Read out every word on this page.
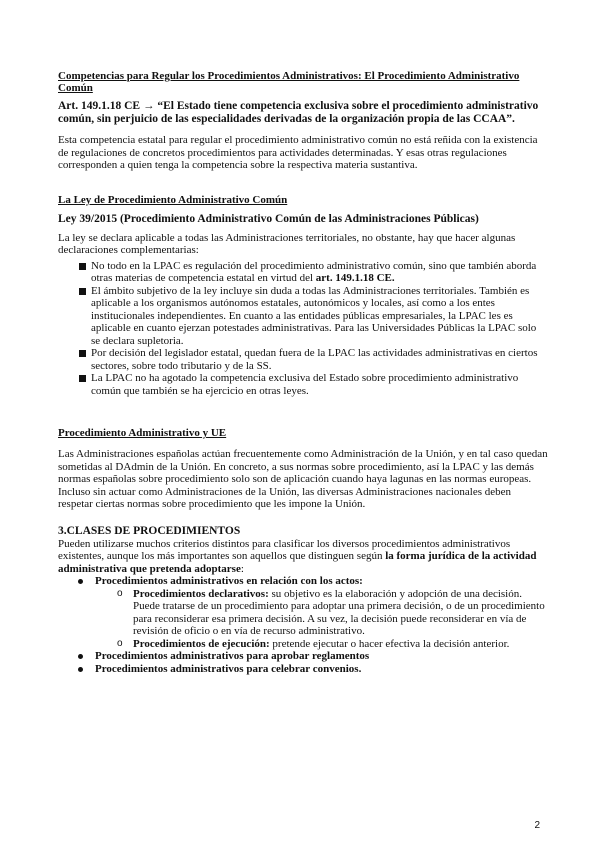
Competencias para Regular los Procedimientos Administrativos: El Procedimiento Administrativo Común
Art. 149.1.18 CE → “El Estado tiene competencia exclusiva sobre el procedimiento administrativo común, sin perjuicio de las especialidades derivadas de la organización propia de las CCAA”.

Esta competencia estatal para regular el procedimiento administrativo común no está reñida con la existencia de regulaciones de concretos procedimientos para actividades determinadas. Y esas otras regulaciones corresponden a quien tenga la competencia sobre la respectiva materia sustantiva.

La Ley de Procedimiento Administrativo Común
Ley 39/2015 (Procedimiento Administrativo Común de las Administraciones Públicas)

La ley se declara aplicable a todas las Administraciones territoriales, no obstante, hay que hacer algunas declaraciones complementarias:

No todo en la LPAC es regulación del procedimiento administrativo común, sino que también aborda otras materias de competencia estatal en virtud del art. 149.1.18 CE.
El ámbito subjetivo de la ley incluye sin duda a todas las Administraciones territoriales. También es aplicable a los organismos autónomos estatales, autonómicos y locales, así como a los entes institucionales independientes. En cuanto a las entidades públicas empresariales, la LPAC les es aplicable en cuanto ejerzan potestades administrativas. Para las Universidades Públicas la LPAC solo se declara supletoria.
Por decisión del legislador estatal, quedan fuera de la LPAC las actividades administrativas en ciertos sectores, sobre todo tributario y de la SS.
La LPAC no ha agotado la competencia exclusiva del Estado sobre procedimiento administrativo común que también se ha ejercicio en otras leyes.
Procedimiento Administrativo y UE

Las Administraciones españolas actúan frecuentemente como Administración de la Unión, y en tal caso quedan sometidas al DAdmin de la Unión. En concreto, a sus normas sobre procedimiento, así la LPAC y las demás normas españolas sobre procedimiento solo son de aplicación cuando haya lagunas en las normas europeas.

Incluso sin actuar como Administraciones de la Unión, las diversas Administraciones nacionales deben respetar ciertas normas sobre procedimiento que les impone la Unión.

3.CLASES DE PROCEDIMIENTOS

Pueden utilizarse muchos criterios distintos para clasificar los diversos procedimientos administrativos existentes, aunque los más importantes son aquellos que distinguen según la forma jurídica de la actividad administrativa que pretenda adoptarse:

Procedimientos administrativos en relación con los actos:
o Procedimientos declarativos: su objetivo es la elaboración y adopción de una decisión. Puede tratarse de un procedimiento para adoptar una primera decisión, o de un procedimiento para reconsiderar esa primera decisión. A su vez, la decisión puede reconsiderar en vía de revisión de oficio o en vía de recurso administrativo.
o Procedimientos de ejecución: pretende ejecutar o hacer efectiva la decisión anterior.
Procedimientos administrativos para aprobar reglamentos
Procedimientos administrativos para celebrar convenios.
2
